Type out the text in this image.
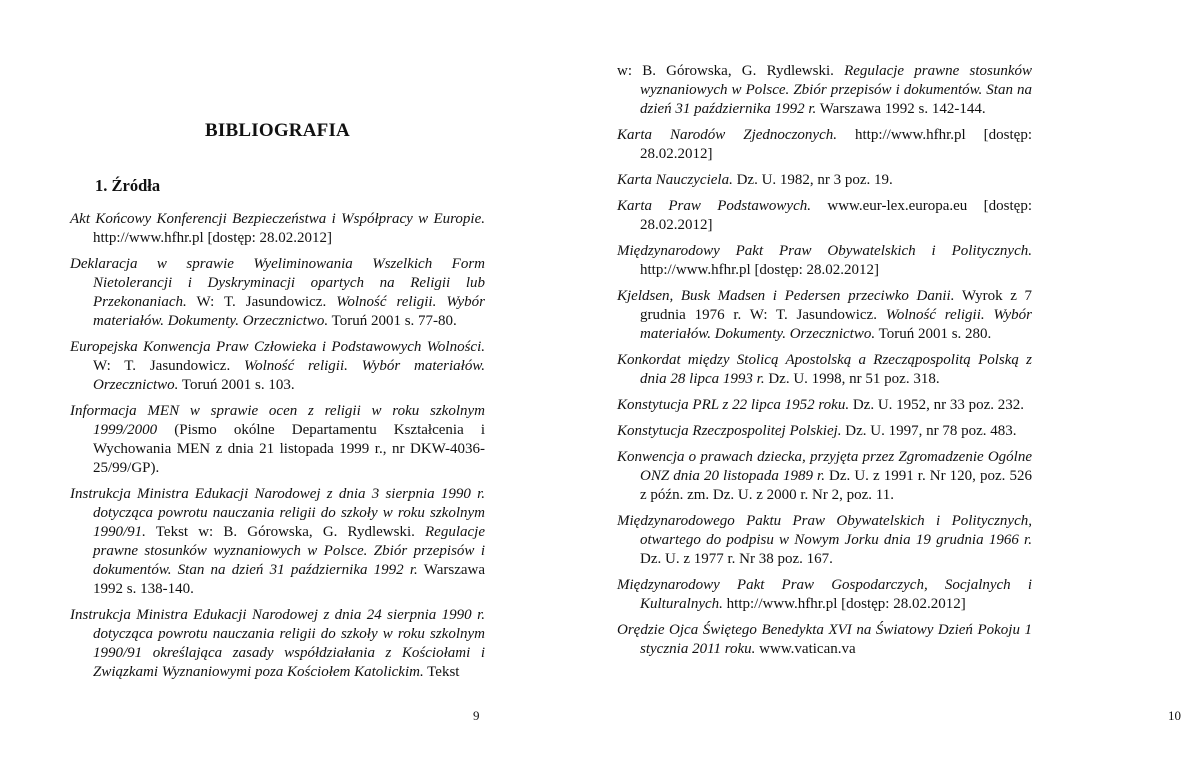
BIBLIOGRAFIA
1. Źródła
Akt Końcowy Konferencji Bezpieczeństwa i Współpracy w Europie. http://www.hfhr.pl [dostęp: 28.02.2012]
Deklaracja w sprawie Wyeliminowania Wszelkich Form Nietolerancji i Dyskryminacji opartych na Religii lub Przekonaniach. W: T. Jasundowicz. Wolność religii. Wybór materiałów. Dokumenty. Orzecznictwo. Toruń 2001 s. 77-80.
Europejska Konwencja Praw Człowieka i Podstawowych Wolności. W: T. Jasundowicz. Wolność religii. Wybór materiałów. Orzecznictwo. Toruń 2001 s. 103.
Informacja MEN w sprawie ocen z religii w roku szkolnym 1999/2000 (Pismo okólne Departamentu Kształcenia i Wychowania MEN z dnia 21 listopada 1999 r., nr DKW-4036-25/99/GP).
Instrukcja Ministra Edukacji Narodowej z dnia 3 sierpnia 1990 r. dotycząca powrotu nauczania religii do szkoły w roku szkolnym 1990/91. Tekst w: B. Górowska, G. Rydlewski. Regulacje prawne stosunków wyznaniowych w Polsce. Zbiór przepisów i dokumentów. Stan na dzień 31 października 1992 r. Warszawa 1992 s. 138-140.
Instrukcja Ministra Edukacji Narodowej z dnia 24 sierpnia 1990 r. dotycząca powrotu nauczania religii do szkoły w roku szkolnym 1990/91 określająca zasady współdziałania z Kościołami i Związkami Wyznaniowymi poza Kościołem Katolickim. Tekst

9	10

w: B. Górowska, G. Rydlewski. Regulacje prawne stosunków wyznaniowych w Polsce. Zbiór przepisów i dokumentów. Stan na dzień 31 października 1992 r. Warszawa 1992 s. 142-144.
Karta Narodów Zjednoczonych. http://www.hfhr.pl [dostęp: 28.02.2012]
Karta Nauczyciela. Dz. U. 1982, nr 3 poz. 19.
Karta Praw Podstawowych. www.eur-lex.europa.eu [dostęp: 28.02.2012]
Międzynarodowy Pakt Praw Obywatelskich i Politycznych. http://www.hfhr.pl [dostęp: 28.02.2012]
Kjeldsen, Busk Madsen i Pedersen przeciwko Danii. Wyrok z 7 grudnia 1976 r. W: T. Jasundowicz. Wolność religii. Wybór materiałów. Dokumenty. Orzecznictwo. Toruń 2001 s. 280.
Konkordat między Stolicą Apostolską a Rzecząpospolitą Polską z dnia 28 lipca 1993 r. Dz. U. 1998, nr 51 poz. 318.
Konstytucja PRL z 22 lipca 1952 roku. Dz. U. 1952, nr 33 poz. 232.
Konstytucja Rzeczpospolitej Polskiej. Dz. U. 1997, nr 78 poz. 483.
Konwencja o prawach dziecka, przyjęta przez Zgromadzenie Ogólne ONZ dnia 20 listopada 1989 r. Dz. U. z 1991 r. Nr 120, poz. 526 z późn. zm. Dz. U. z 2000 r. Nr 2, poz. 11.
Międzynarodowego Paktu Praw Obywatelskich i Politycznych, otwartego do podpisu w Nowym Jorku dnia 19 grudnia 1966 r. Dz. U. z 1977 r. Nr 38 poz. 167.
Międzynarodowy Pakt Praw Gospodarczych, Socjalnych i Kulturalnych. http://www.hfhr.pl [dostęp: 28.02.2012]
Orędzie Ojca Świętego Benedykta XVI na Światowy Dzień Pokoju 1 stycznia 2011 roku. www.vatican.va
